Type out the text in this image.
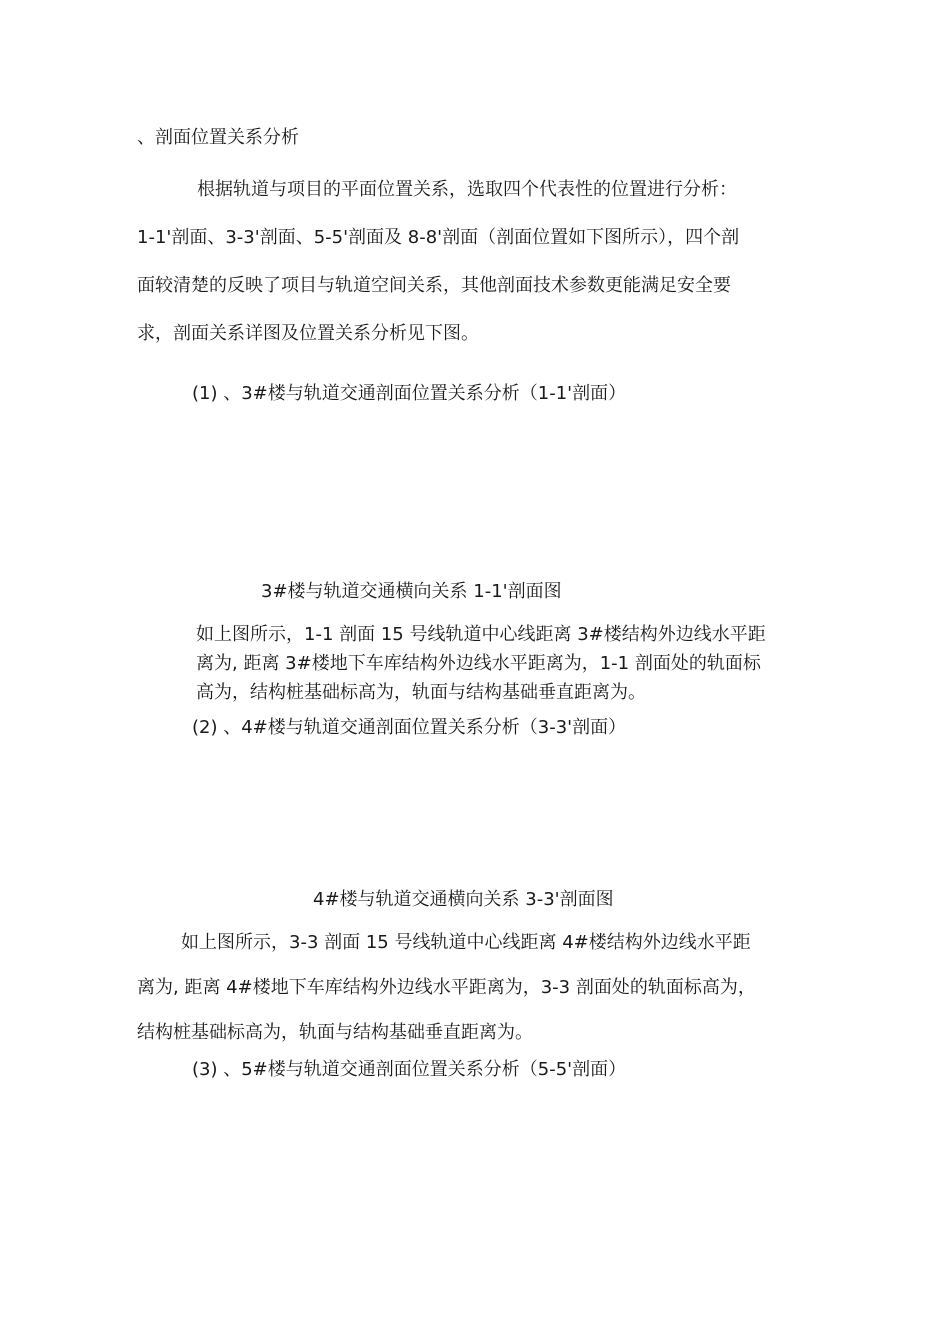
、剖面位置关系分析
根据轨道与项目的平面位置关系，选取四个代表性的位置进行分析：
1-1'剖面、3-3'剖面、5-5'剖面及 8-8'剖面（剖面位置如下图所示），四个剖
面较清楚的反映了项目与轨道空间关系，其他剖面技术参数更能满足安全要
求，剖面关系详图及位置关系分析见下图。
(1) 、3#楼与轨道交通剖面位置关系分析（1-1'剖面）
3#楼与轨道交通横向关系 1-1'剖面图
如上图所示，1-1 剖面 15 号线轨道中心线距离 3#楼结构外边线水平距
离为, 距离 3#楼地下车库结构外边线水平距离为，1-1 剖面处的轨面标
高为，结构桩基础标高为，轨面与结构基础垂直距离为。
(2) 、4#楼与轨道交通剖面位置关系分析（3-3'剖面）
4#楼与轨道交通横向关系 3-3'剖面图
如上图所示，3-3 剖面 15 号线轨道中心线距离 4#楼结构外边线水平距
离为, 距离 4#楼地下车库结构外边线水平距离为，3-3 剖面处的轨面标高为，
结构桩基础标高为，轨面与结构基础垂直距离为。
(3) 、5#楼与轨道交通剖面位置关系分析（5-5'剖面）
